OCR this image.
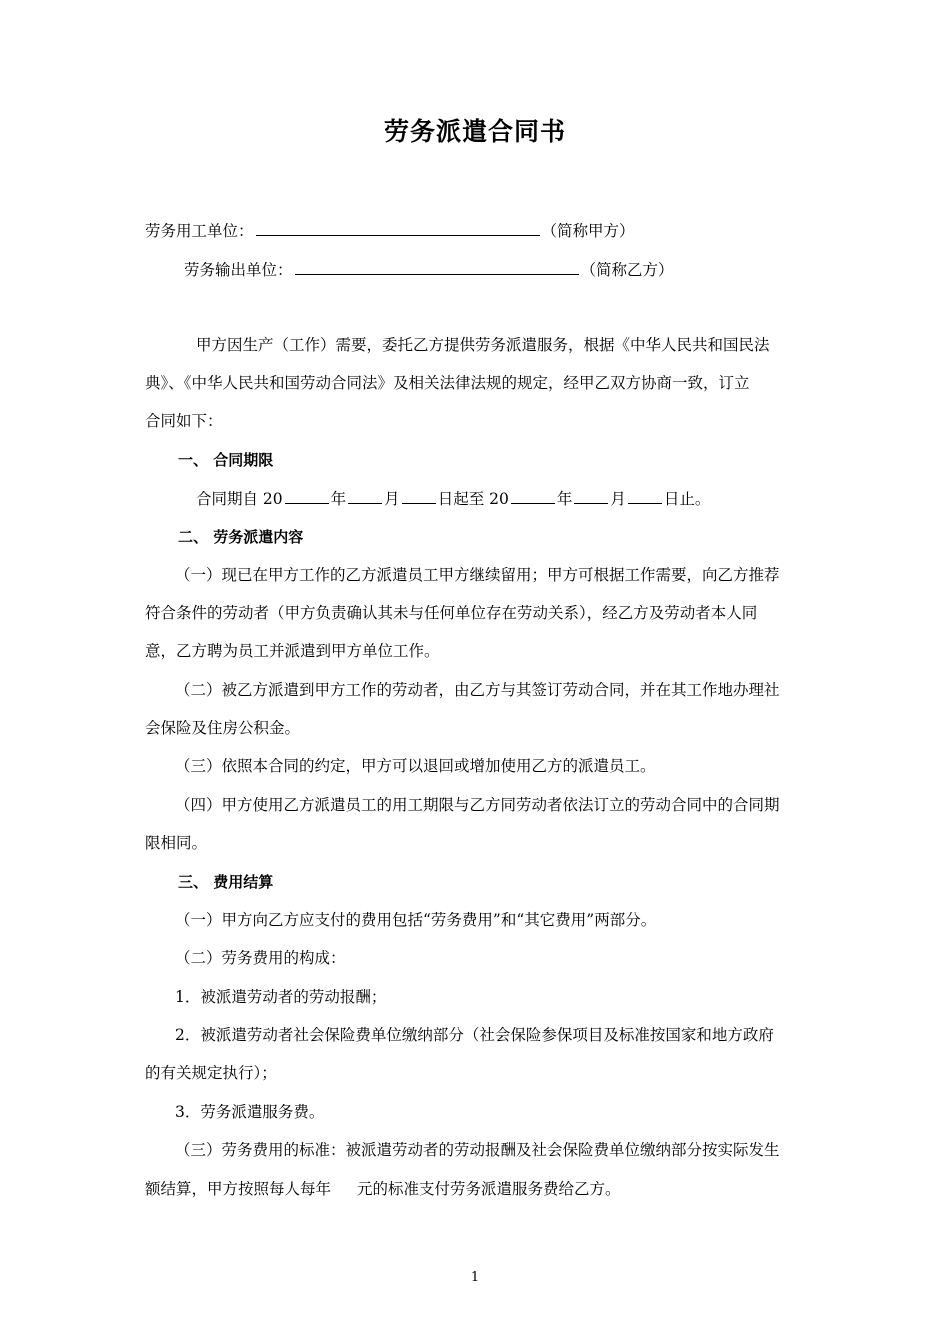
劳务派遣合同书

劳务用工单位：	（简称甲方）

劳务输出单位：	（简称乙方）

甲方因生产（工作）需要，委托乙方提供劳务派遣服务，根据《中华人民共和国民法

典》、《中华人民共和国劳动合同法》及相关法律法规的规定，经甲乙双方协商一致，订立

合同如下：

一、 合同期限

合同期自 20	年 月 日起至 20	年 月 日止。

二、 劳务派遣内容

（一）现已在甲方工作的乙方派遣员工甲方继续留用；甲方可根据工作需要，向乙方推荐

符合条件的劳动者（甲方负责确认其未与任何单位存在劳动关系），经乙方及劳动者本人同

意，乙方聘为员工并派遣到甲方单位工作。

（二）被乙方派遣到甲方工作的劳动者，由乙方与其签订劳动合同，并在其工作地办理社

会保险及住房公积金。

（三）依照本合同的约定，甲方可以退回或增加使用乙方的派遣员工。

（四）甲方使用乙方派遣员工的用工期限与乙方同劳动者依法订立的劳动合同中的合同期

限相同。

三、 费用结算

（一）甲方向乙方应支付的费用包括“劳务费用”和“其它费用”两部分。

（二）劳务费用的构成：

1．被派遣劳动者的劳动报酬；

2．被派遣劳动者社会保险费单位缴纳部分（社会保险参保项目及标准按国家和地方政府

的有关规定执行）；

3．劳务派遣服务费。

（三）劳务费用的标准：被派遣劳动者的劳动报酬及社会保险费单位缴纳部分按实际发生

额结算，甲方按照每人每年 元的标准支付劳务派遣服务费给乙方。

1
